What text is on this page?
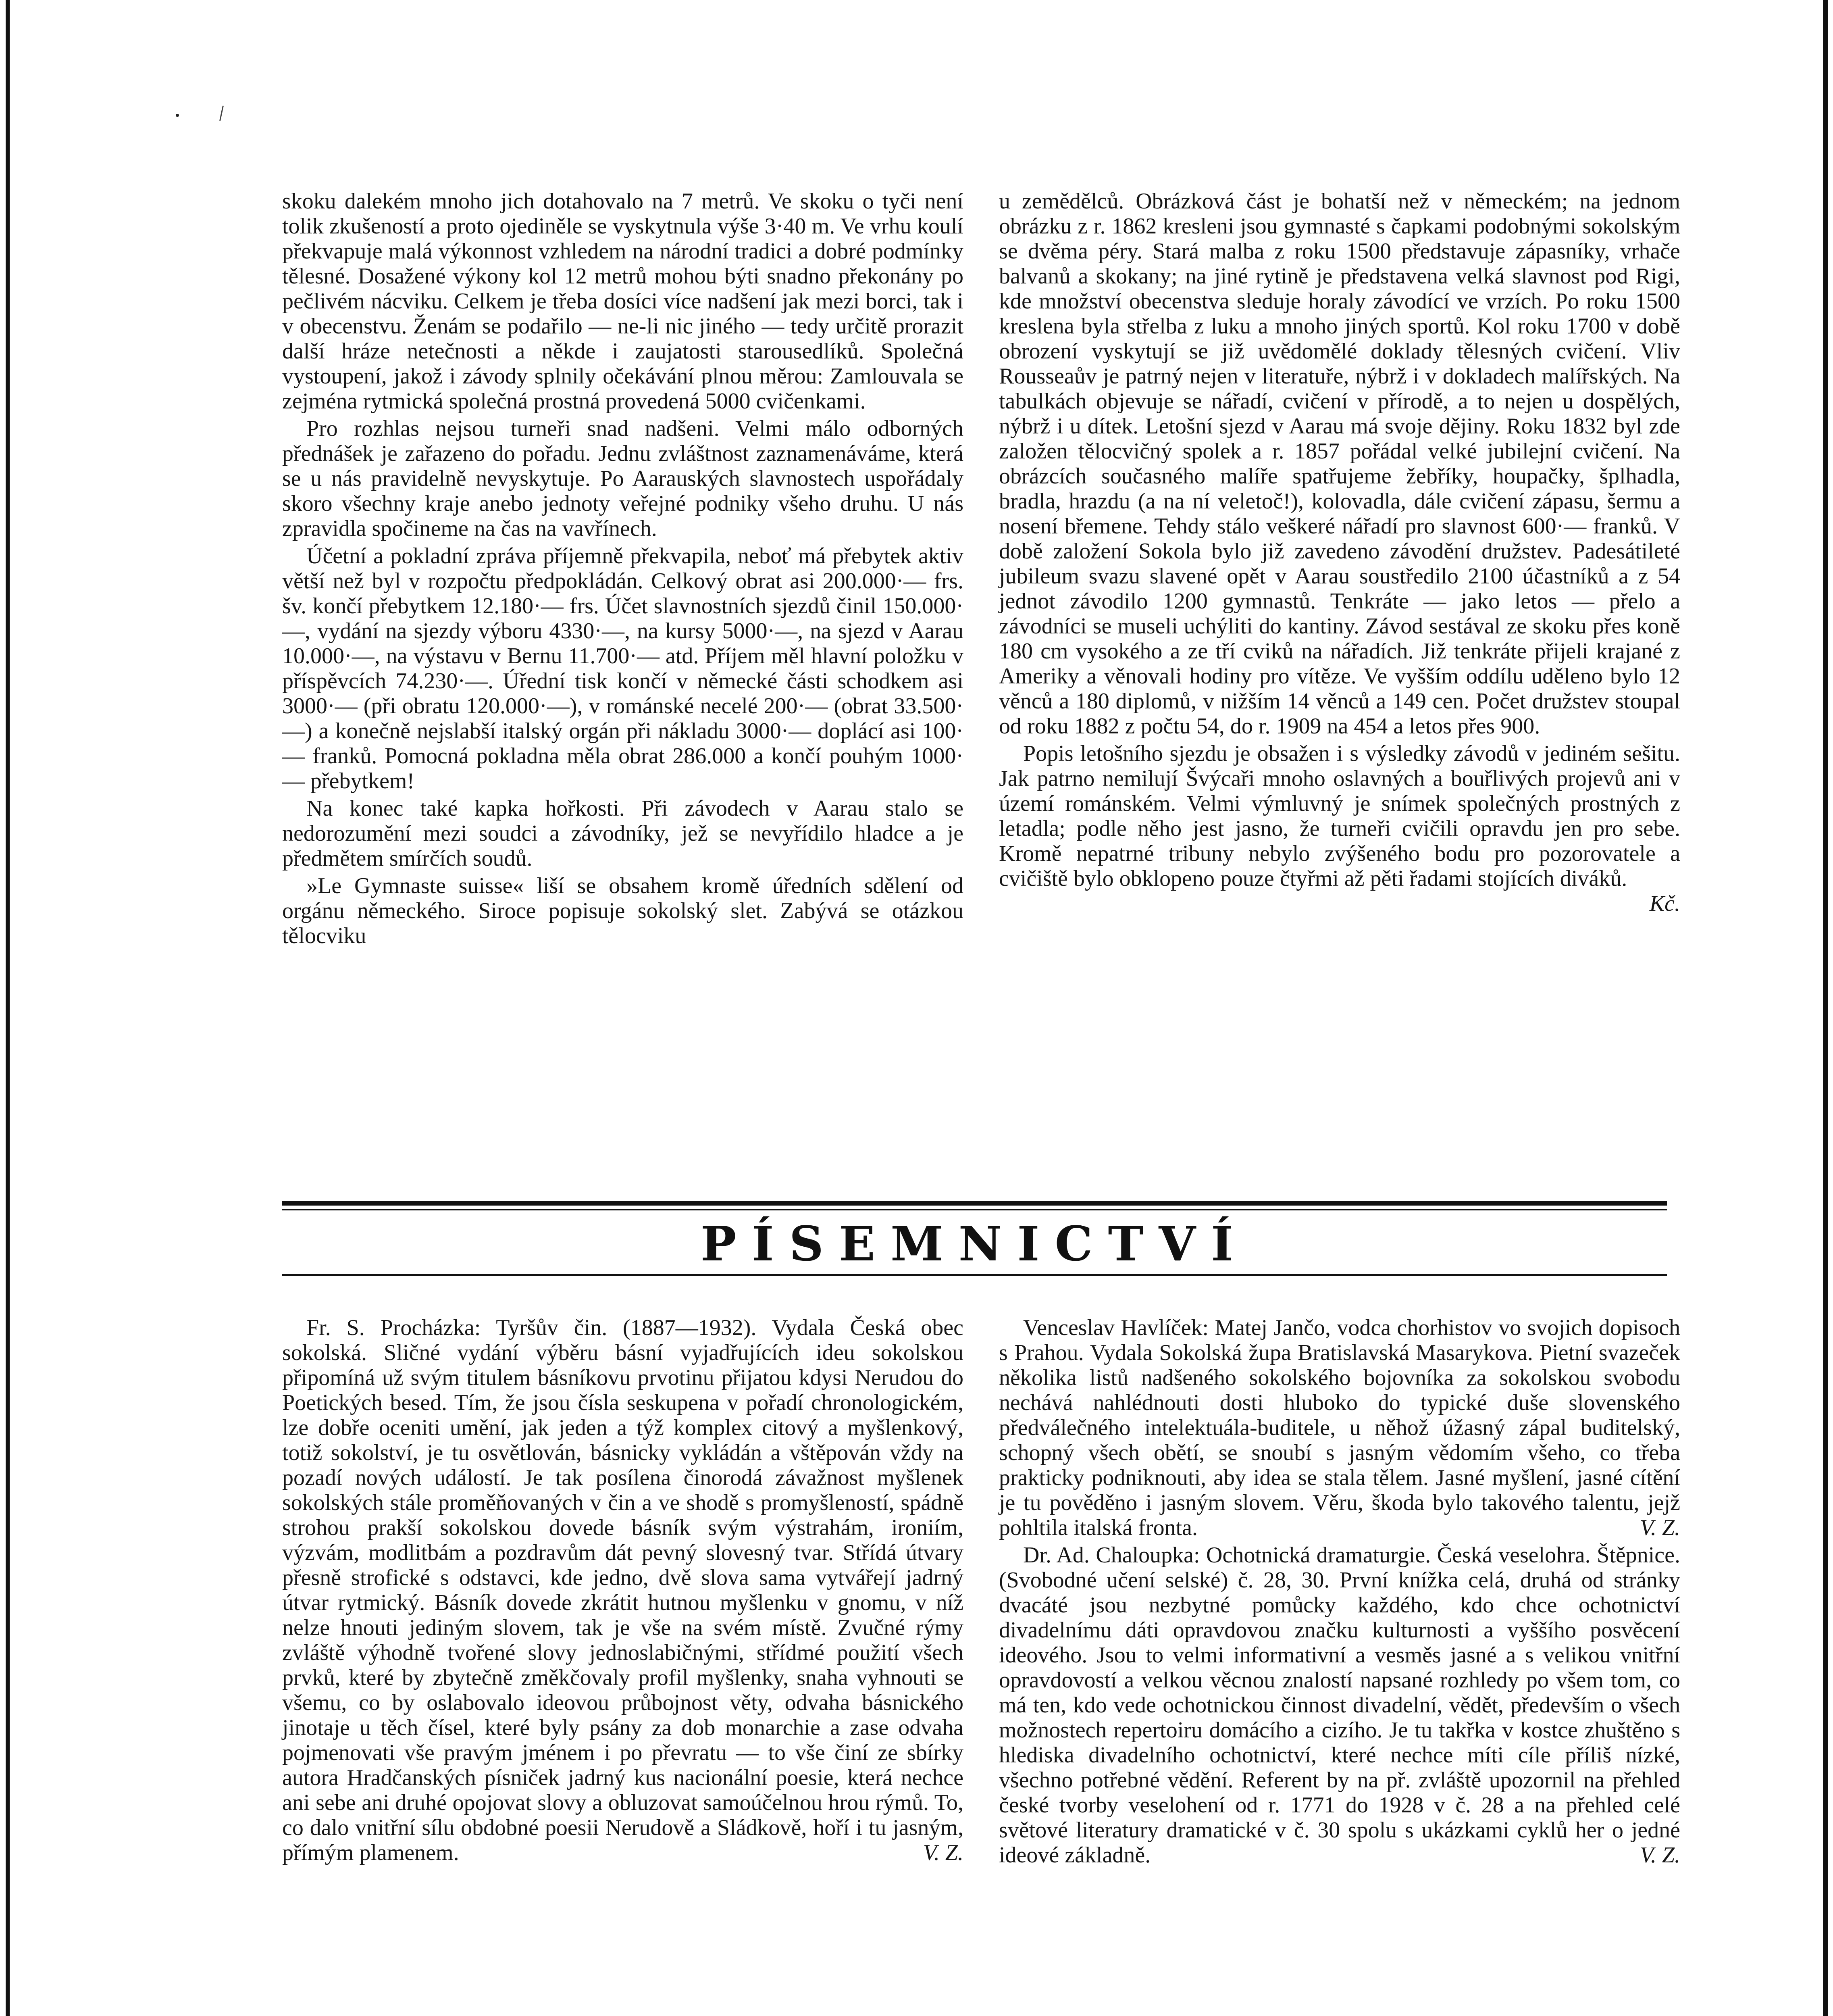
skoku dalekém mnoho jich dotahovalo na 7 metrů. Ve skoku o tyči není tolik zkušeností a proto ojediněle se vyskytnula výše 3·40 m. Ve vrhu koulí překvapuje malá výkonnost vzhledem na národní tradici a dobré podmínky tělesné. Dosažené výkony kol 12 metrů mohou býti snadno překonány po pečlivém nácviku. Celkem je třeba dosíci více nadšení jak mezi borci, tak i v obecenstvu. Ženám se podařilo — ne-li nic jiného — tedy určitě prorazit další hráze netečnosti a někde i zaujatosti starousedlíků. Společná vystoupení, jakož i závody splnily očekávání plnou měrou: Zamlouvala se zejména rytmická společná prostná provedená 5000 cvičenkami.

Pro rozhlas nejsou turneři snad nadšeni. Velmi málo odborných přednášek je zařazeno do pořadu. Jednu zvláštnost zaznamenáváme, která se u nás pravidelně nevyskytuje. Po Aarauských slavnostech uspořádaly skoro všechny kraje anebo jednoty veřejné podniky všeho druhu. U nás zpravidla spočineme na čas na vavřínech.

Účetní a pokladní zpráva příjemně překvapila, neboť má přebytek aktiv větší než byl v rozpočtu předpokládán. Celkový obrat asi 200.000·— frs. šv. končí přebytkem 12.180·— frs. Účet slavnostních sjezdů činil 150.000·—, vydání na sjezdy výboru 4330·—, na kursy 5000·—, na sjezd v Aarau 10.000·—, na výstavu v Bernu 11.700·— atd. Příjem měl hlavní položku v příspěvcích 74.230·—. Úřední tisk končí v německé části schodkem asi 3000·— (při obratu 120.000·—), v románské necelé 200·— (obrat 33.500·—) a konečně nejslabší italský orgán při nákladu 3000·— doplácí asi 100·— franků. Pomocná pokladna měla obrat 286.000 a končí pouhým 1000·— přebytkem!

Na konec také kapka hořkosti. Při závodech v Aarau stalo se nedorozumění mezi soudci a závodníky, jež se nevyřídilo hladce a je předmětem smírčích soudů.

»Le Gymnaste suisse« liší se obsahem kromě úředních sdělení od orgánu německého. Siroce popisuje sokolský slet. Zabývá se otázkou tělocviku

u zemědělců. Obrázková část je bohatší než v německém; na jednom obrázku z r. 1862 kresleni jsou gymnasté s čapkami podobnými sokolským se dvěma péry. Stará malba z roku 1500 představuje zápasníky, vrhače balvanů a skokany; na jiné rytině je představena velká slavnost pod Rigi, kde množství obecenstva sleduje horaly závodící ve vrzích. Po roku 1500 kreslena byla střelba z luku a mnoho jiných sportů. Kol roku 1700 v době obrození vyskytují se již uvědomělé doklady tělesných cvičení. Vliv Rousseaův je patrný nejen v literatuře, nýbrž i v dokladech malířských. Na tabulkách objevuje se nářadí, cvičení v přírodě, a to nejen u dospělých, nýbrž i u dítek. Letošní sjezd v Aarau má svoje dějiny. Roku 1832 byl zde založen tělocvičný spolek a r. 1857 pořádal velké jubilejní cvičení. Na obrázcích současného malíře spatřujeme žebříky, houpačky, šplhadla, bradla, hrazdu (a na ní veletoč!), kolovadla, dále cvičení zápasu, šermu a nosení břemene. Tehdy stálo veškeré nářadí pro slavnost 600·— franků. V době založení Sokola bylo již zavedeno závodění družstev. Padesátileté jubileum svazu slavené opět v Aarau soustředilo 2100 účastníků a z 54 jednot závodilo 1200 gymnastů. Tenkráte — jako letos — přelo a závodníci se museli uchýliti do kantiny. Závod sestával ze skoku přes koně 180 cm vysokého a ze tří cviků na nářadích. Již tenkráte přijeli krajané z Ameriky a věnovali hodiny pro vítěze. Ve vyšším oddílu uděleno bylo 12 věnců a 180 diplomů, v nižším 14 věnců a 149 cen. Počet družstev stoupal od roku 1882 z počtu 54, do r. 1909 na 454 a letos přes 900.

Popis letošního sjezdu je obsažen i s výsledky závodů v jediném sešitu. Jak patrno nemilují Švýcaři mnoho oslavných a bouřlivých projevů ani v území románském. Velmi výmluvný je snímek společných prostných z letadla; podle něho jest jasno, že turneři cvičili opravdu jen pro sebe. Kromě nepatrné tribuny nebylo zvýšeného bodu pro pozorovatele a cvičiště bylo obklopeno pouze čtyřmi až pěti řadami stojících diváků.
Kč.

PÍSEMNICTVÍ

Fr. S. Procházka: Tyršův čin. (1887—1932). Vydala Česká obec sokolská. Sličné vydání výběru básní vyjadřujících ideu sokolskou připomíná už svým titulem básníkovu prvotinu přijatou kdysi Nerudou do Poetických besed. Tím, že jsou čísla seskupena v pořadí chronologickém, lze dobře oceniti umění, jak jeden a týž komplex citový a myšlenkový, totiž sokolství, je tu osvětlován, básnicky vykládán a vštěpován vždy na pozadí nových událostí. Je tak posílena činorodá závažnost myšlenek sokolských stále proměňovaných v čin a ve shodě s promyšleností, spádně strohou prakší sokolskou dovede básník svým výstrahám, ironiím, výzvám, modlitbám a pozdravům dát pevný slovesný tvar. Střídá útvary přesně strofické s odstavci, kde jedno, dvě slova sama vytvářejí jadrný útvar rytmický. Básník dovede zkrátit hutnou myšlenku v gnomu, v níž nelze hnouti jediným slovem, tak je vše na svém místě. Zvučné rýmy zvláště výhodně tvořené slovy jednoslabičnými, střídmé použití všech prvků, které by zbytečně změkčovaly profil myšlenky, snaha vyhnouti se všemu, co by oslabovalo ideovou průbojnost věty, odvaha básnického jinotaje u těch čísel, které byly psány za dob monarchie a zase odvaha pojmenovati vše pravým jménem i po převratu — to vše činí ze sbírky autora Hradčanských písniček jadrný kus nacionální poesie, která nechce ani sebe ani druhé opojovat slovy a obluzovat samoúčelnou hrou rýmů. To, co dalo vnitřní sílu obdobné poesii Nerudově a Sládkově, hoří i tu jasným, přímým plamenem.	V. Z.

Venceslav Havlíček: Matej Jančo, vodca chorhistov vo svojich dopisoch s Prahou. Vydala Sokolská župa Bratislavská Masarykova. Pietní svazeček několika listů nadšeného sokolského bojovníka za sokolskou svobodu nechává nahlédnouti dosti hluboko do typické duše slovenského předválečného intelektuála-buditele, u něhož úžasný zápal buditelský, schopný všech obětí, se snoubí s jasným vědomím všeho, co třeba prakticky podniknouti, aby idea se stala tělem. Jasné myšlení, jasné cítění je tu pověděno i jasným slovem. Věru, škoda bylo takového talentu, jejž pohltila italská fronta.	V. Z.

Dr. Ad. Chaloupka: Ochotnická dramaturgie. Česká veselohra. Štěpnice. (Svobodné učení selské) č. 28, 30. První knížka celá, druhá od stránky dvacáté jsou nezbytné pomůcky každého, kdo chce ochotnictví divadelnímu dáti opravdovou značku kulturnosti a vyššího posvěcení ideového. Jsou to velmi informativní a vesměs jasné a s velikou vnitřní opravdovostí a velkou věcnou znalostí napsané rozhledy po všem tom, co má ten, kdo vede ochotnickou činnost divadelní, vědět, především o všech možnostech repertoiru domácího a cizího. Je tu takřka v kostce zhuštěno s hlediska divadelního ochotnictví, které nechce míti cíle příliš nízké, všechno potřebné vědění. Referent by na př. zvláště upozornil na přehled české tvorby veselohení od r. 1771 do 1928 v č. 28 a na přehled celé světové literatury dramatické v č. 30 spolu s ukázkami cyklů her o jedné ideové základně.	V. Z.
